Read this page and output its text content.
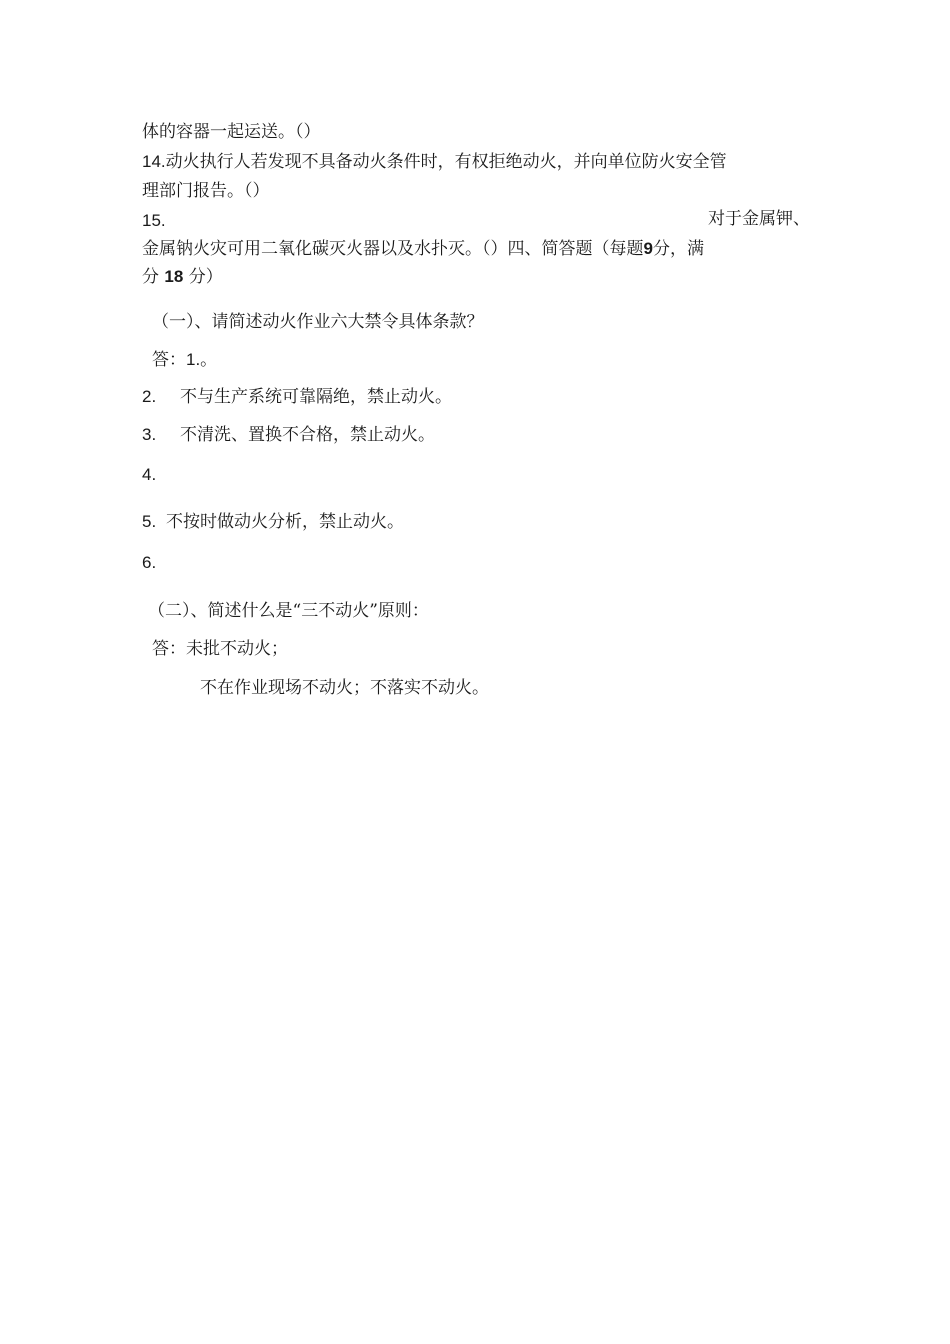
体的容器一起运送。（）
14.动火执行人若发现不具备动火条件时，有权拒绝动火，并向单位防火安全管
理部门报告。（）
15.	对于金属钾、
金属钠火灾可用二氧化碳灭火器以及水扑灭。（）四、简答题（每题9分，满
分 18 分）
（一）、请简述动火作业六大禁令具体条款？
答：1.。
2. 不与生产系统可靠隔绝，禁止动火。
3. 不清洗、置换不合格，禁止动火。
4.
5. 不按时做动火分析，禁止动火。
6.
（二）、简述什么是“三不动火”原则：
答：未批不动火；
不在作业现场不动火；不落实不动火。
